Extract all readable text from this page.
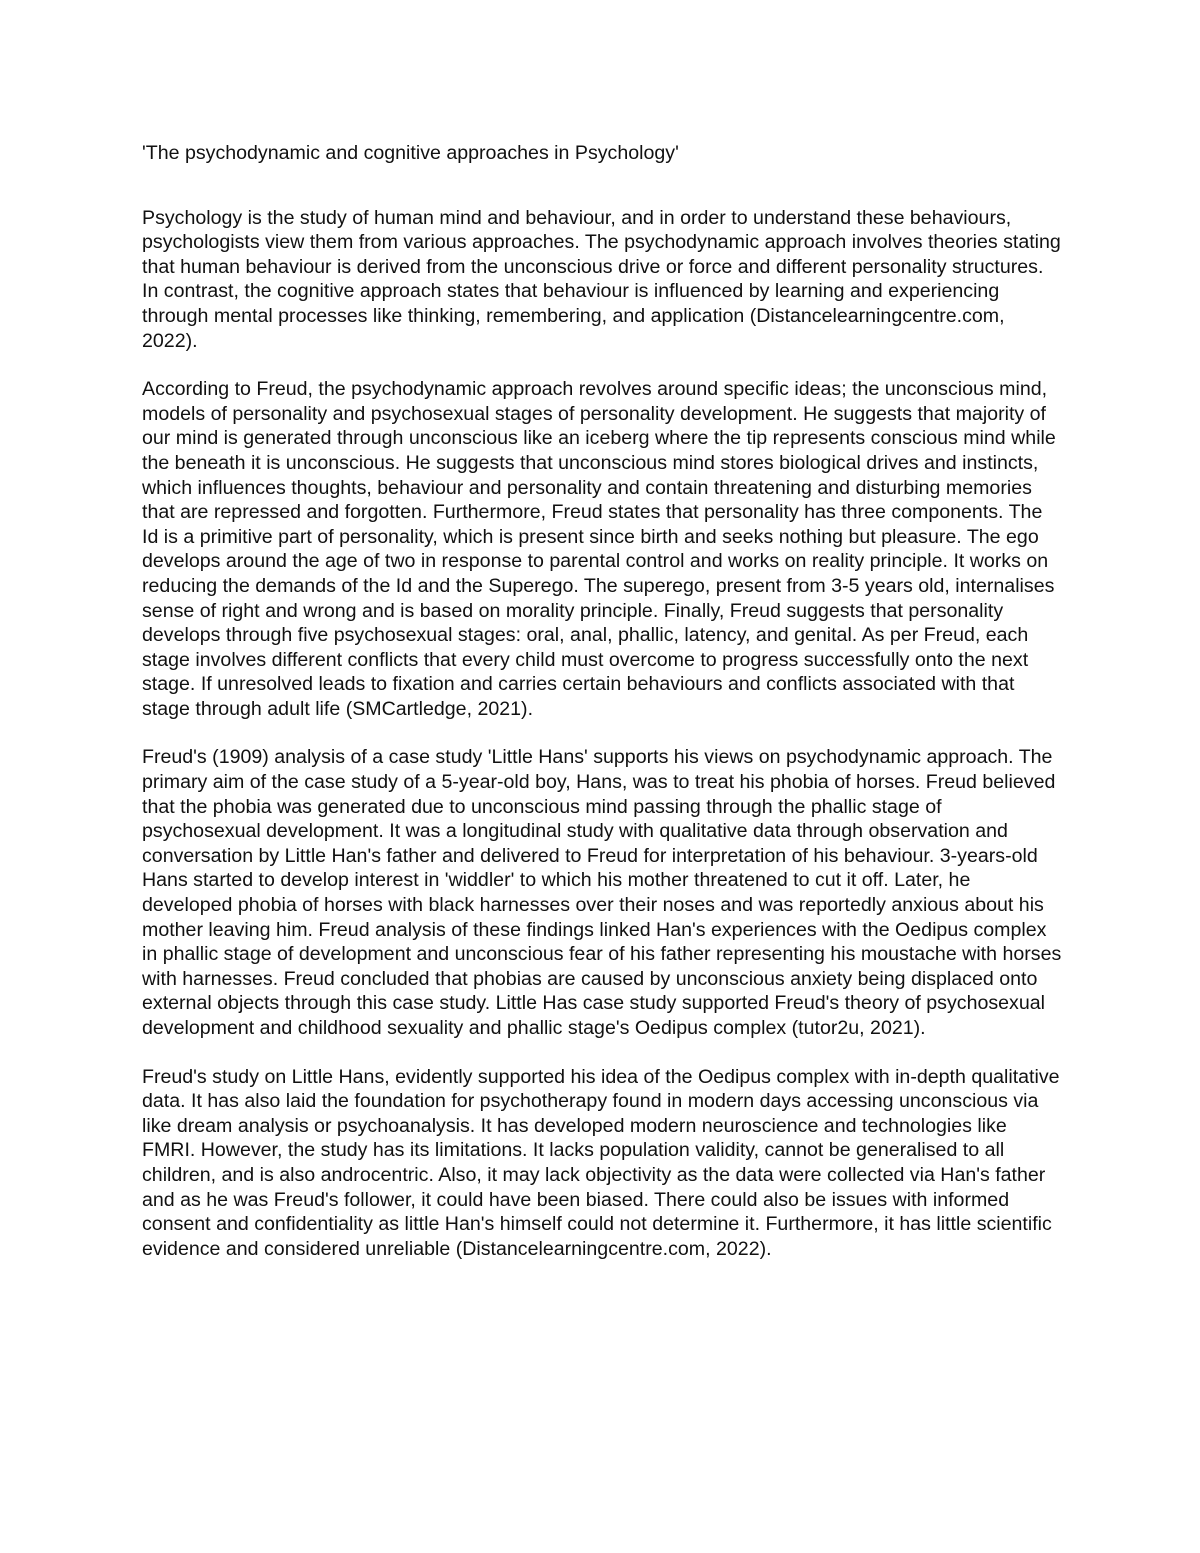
'The psychodynamic and cognitive approaches in Psychology'

Psychology is the study of human mind and behaviour, and in order to understand these behaviours, psychologists view them from various approaches. The psychodynamic approach involves theories stating that human behaviour is derived from the unconscious drive or force and different personality structures. In contrast, the cognitive approach states that behaviour is influenced by learning and experiencing through mental processes like thinking, remembering, and application (Distancelearningcentre.com, 2022).

According to Freud, the psychodynamic approach revolves around specific ideas; the unconscious mind, models of personality and psychosexual stages of personality development. He suggests that majority of our mind is generated through unconscious like an iceberg where the tip represents conscious mind while the beneath it is unconscious. He suggests that unconscious mind stores biological drives and instincts, which influences thoughts, behaviour and personality and contain threatening and disturbing memories that are repressed and forgotten. Furthermore, Freud states that personality has three components. The Id is a primitive part of personality, which is present since birth and seeks nothing but pleasure. The ego develops around the age of two in response to parental control and works on reality principle. It works on reducing the demands of the Id and the Superego. The superego, present from 3-5 years old, internalises sense of right and wrong and is based on morality principle. Finally, Freud suggests that personality develops through five psychosexual stages: oral, anal, phallic, latency, and genital. As per Freud, each stage involves different conflicts that every child must overcome to progress successfully onto the next stage. If unresolved leads to fixation and carries certain behaviours and conflicts associated with that stage through adult life (SMCartledge, 2021).

Freud's (1909) analysis of a case study 'Little Hans' supports his views on psychodynamic approach. The primary aim of the case study of a 5-year-old boy, Hans, was to treat his phobia of horses. Freud believed that the phobia was generated due to unconscious mind passing through the phallic stage of psychosexual development. It was a longitudinal study with qualitative data through observation and conversation by Little Han's father and delivered to Freud for interpretation of his behaviour. 3-years-old Hans started to develop interest in 'widdler' to which his mother threatened to cut it off. Later, he developed phobia of horses with black harnesses over their noses and was reportedly anxious about his mother leaving him. Freud analysis of these findings linked Han's experiences with the Oedipus complex in phallic stage of development and unconscious fear of his father representing his moustache with horses with harnesses. Freud concluded that phobias are caused by unconscious anxiety being displaced onto external objects through this case study. Little Has case study supported Freud's theory of psychosexual development and childhood sexuality and phallic stage's Oedipus complex (tutor2u, 2021).

Freud's study on Little Hans, evidently supported his idea of the Oedipus complex with in-depth qualitative data. It has also laid the foundation for psychotherapy found in modern days accessing unconscious via like dream analysis or psychoanalysis. It has developed modern neuroscience and technologies like FMRI. However, the study has its limitations. It lacks population validity, cannot be generalised to all children, and is also androcentric. Also, it may lack objectivity as the data were collected via Han's father and as he was Freud's follower, it could have been biased. There could also be issues with informed consent and confidentiality as little Han's himself could not determine it. Furthermore, it has little scientific evidence and considered unreliable (Distancelearningcentre.com, 2022).
